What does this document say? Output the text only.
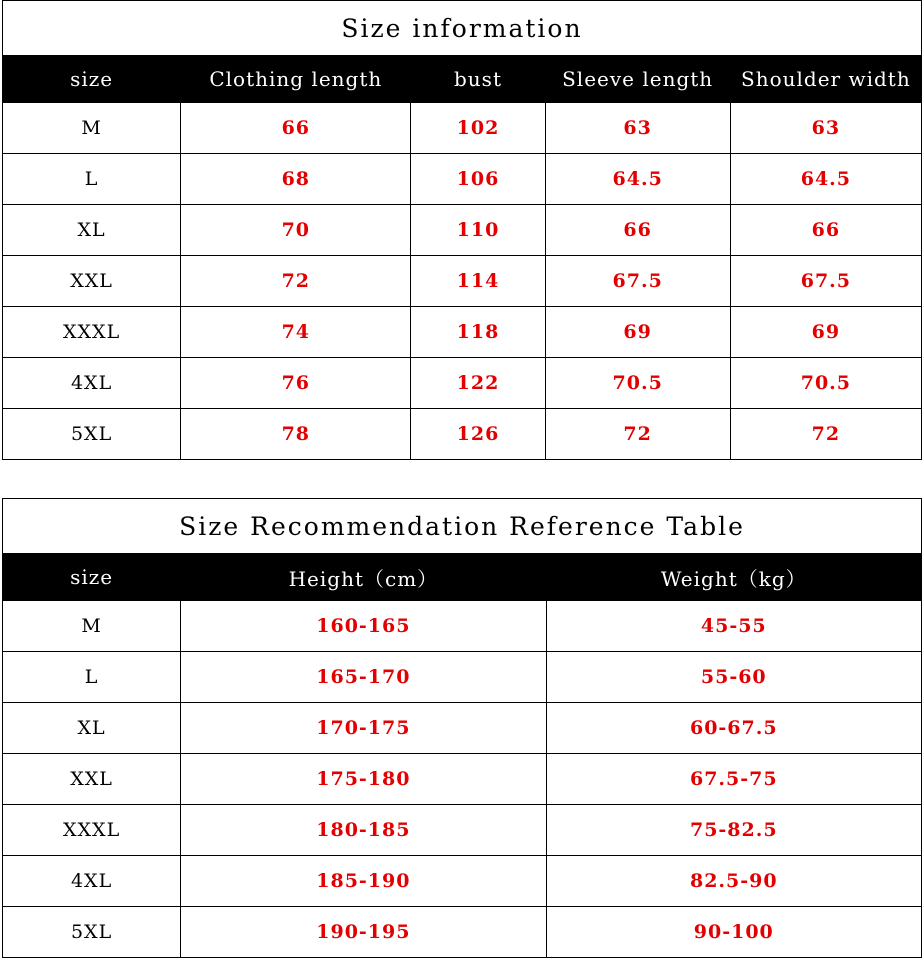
Size information				
size	Clothing length	bust	Sleeve length	Shoulder width
M	66	102	63	63
L	68	106	64.5	64.5
XL	70	110	66	66
XXL	72	114	67.5	67.5
XXXL	74	118	69	69
4XL	76	122	70.5	70.5
5XL	78	126	72	72
Size Recommendation Reference Table		
size	Height（cm）	Weight（kg）
M	160-165	45-55
L	165-170	55-60
XL	170-175	60-67.5
XXL	175-180	67.5-75
XXXL	180-185	75-82.5
4XL	185-190	82.5-90
5XL	190-195	90-100
